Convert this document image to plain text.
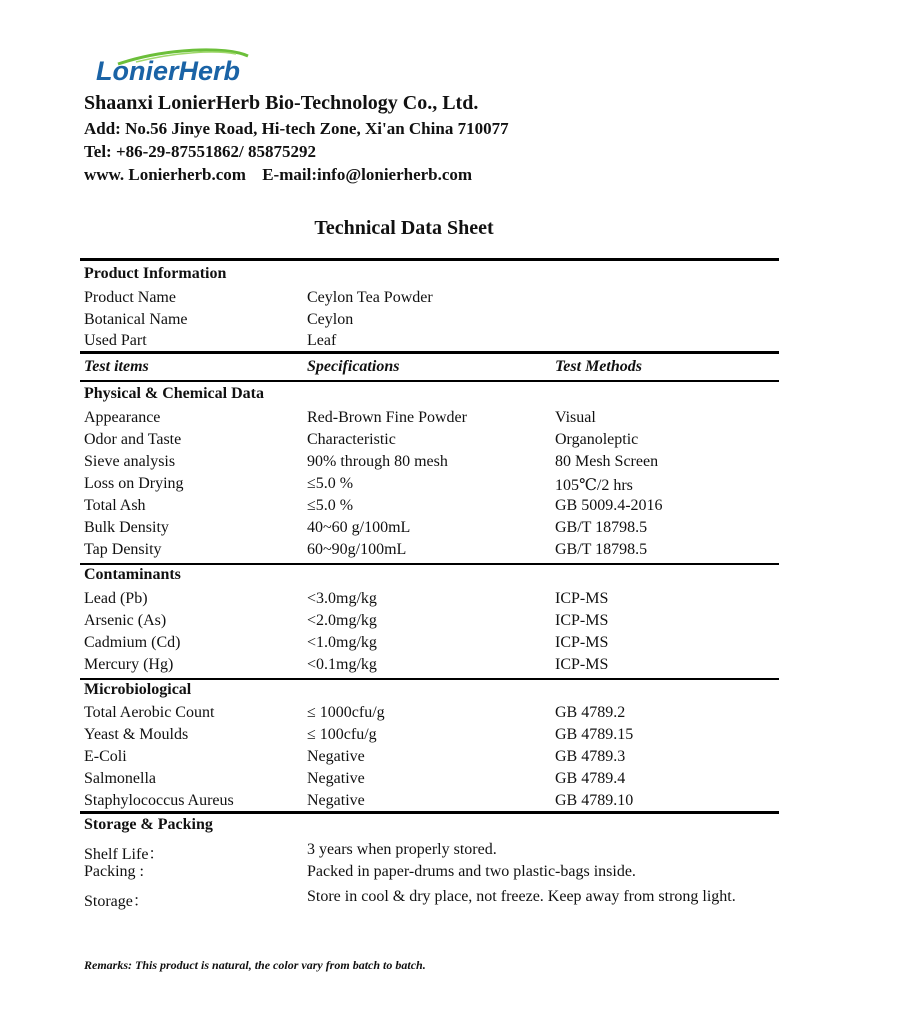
LonierHerb
Shaanxi LonierHerb Bio-Technology Co., Ltd.
Add: No.56 Jinye Road, Hi-tech Zone, Xi'an China 710077
Tel: +86-29-87551862/ 85875292
www. Lonierherb.com E-mail:info@lonierherb.com
Technical Data Sheet
Product Information
Product Name	Ceylon Tea Powder
Botanical Name	Ceylon
Used Part	Leaf
Test items	Specifications	Test Methods
Physical & Chemical Data
Appearance	Red-Brown Fine Powder	Visual
Odor and Taste	Characteristic	Organoleptic
Sieve analysis	90% through 80 mesh	80 Mesh Screen
Loss on Drying	≤5.0 %	105℃/2 hrs
Total Ash	≤5.0 %	GB 5009.4-2016
Bulk Density	40~60 g/100mL	GB/T 18798.5
Tap Density	60~90g/100mL	GB/T 18798.5
Contaminants
Lead (Pb)	<3.0mg/kg	ICP-MS
Arsenic (As)	<2.0mg/kg	ICP-MS
Cadmium (Cd)	<1.0mg/kg	ICP-MS
Mercury (Hg)	<0.1mg/kg	ICP-MS
Microbiological
Total Aerobic Count	≤ 1000cfu/g	GB 4789.2
Yeast & Moulds	≤ 100cfu/g	GB 4789.15
E-Coli	Negative	GB 4789.3
Salmonella	Negative	GB 4789.4
Staphylococcus Aureus	Negative	GB 4789.10
Storage & Packing
Shelf Life：	3 years when properly stored.
Packing :	Packed in paper-drums and two plastic-bags inside.
Storage：	Store in cool & dry place, not freeze. Keep away from strong light.
Remarks: This product is natural, the color vary from batch to batch.
